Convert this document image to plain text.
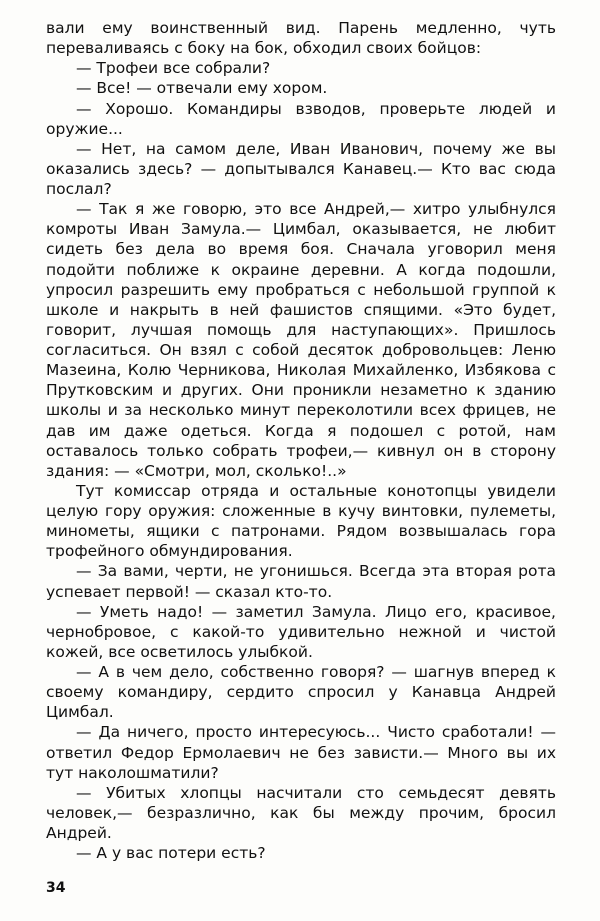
вали ему воинственный вид. Парень медленно, чуть переваливаясь с боку на бок, обходил своих бойцов:

— Трофеи все собрали?

— Все! — отвечали ему хором.

— Хорошо. Командиры взводов, проверьте людей и оружие...

— Нет, на самом деле, Иван Иванович, почему же вы оказались здесь? — допытывался Канавец.— Кто вас сюда послал?

— Так я же говорю, это все Андрей,— хитро улыбнулся комроты Иван Замула.— Цимбал, оказывается, не любит сидеть без дела во время боя. Сначала уговорил меня подойти поближе к окраине деревни. А когда подошли, упросил разрешить ему пробраться с небольшой группой к школе и накрыть в ней фашистов спящими. «Это будет, говорит, лучшая помощь для наступающих». Пришлось согласиться. Он взял с собой десяток добровольцев: Леню Мазеина, Колю Черникова, Николая Михайленко, Избякова с Прутковским и других. Они проникли незаметно к зданию школы и за несколько минут переколотили всех фрицев, не дав им даже одеться. Когда я подошел с ротой, нам оставалось только собрать трофеи,— кивнул он в сторону здания: — «Смотри, мол, сколько!..»

Тут комиссар отряда и остальные конотопцы увидели целую гору оружия: сложенные в кучу винтовки, пулеметы, минометы, ящики с патронами. Рядом возвышалась гора трофейного обмундирования.

— За вами, черти, не угонишься. Всегда эта вторая рота успевает первой! — сказал кто-то.

— Уметь надо! — заметил Замула. Лицо его, красивое, чернобровое, с какой-то удивительно нежной и чистой кожей, все осветилось улыбкой.

— А в чем дело, собственно говоря? — шагнув вперед к своему командиру, сердито спросил у Канавца Андрей Цимбал.

— Да ничего, просто интересуюсь... Чисто сработали! — ответил Федор Ермолаевич не без зависти.— Много вы их тут наколошматили?

— Убитых хлопцы насчитали сто семьдесят девять человек,— безразлично, как бы между прочим, бросил Андрей.

— А у вас потери есть?

34
